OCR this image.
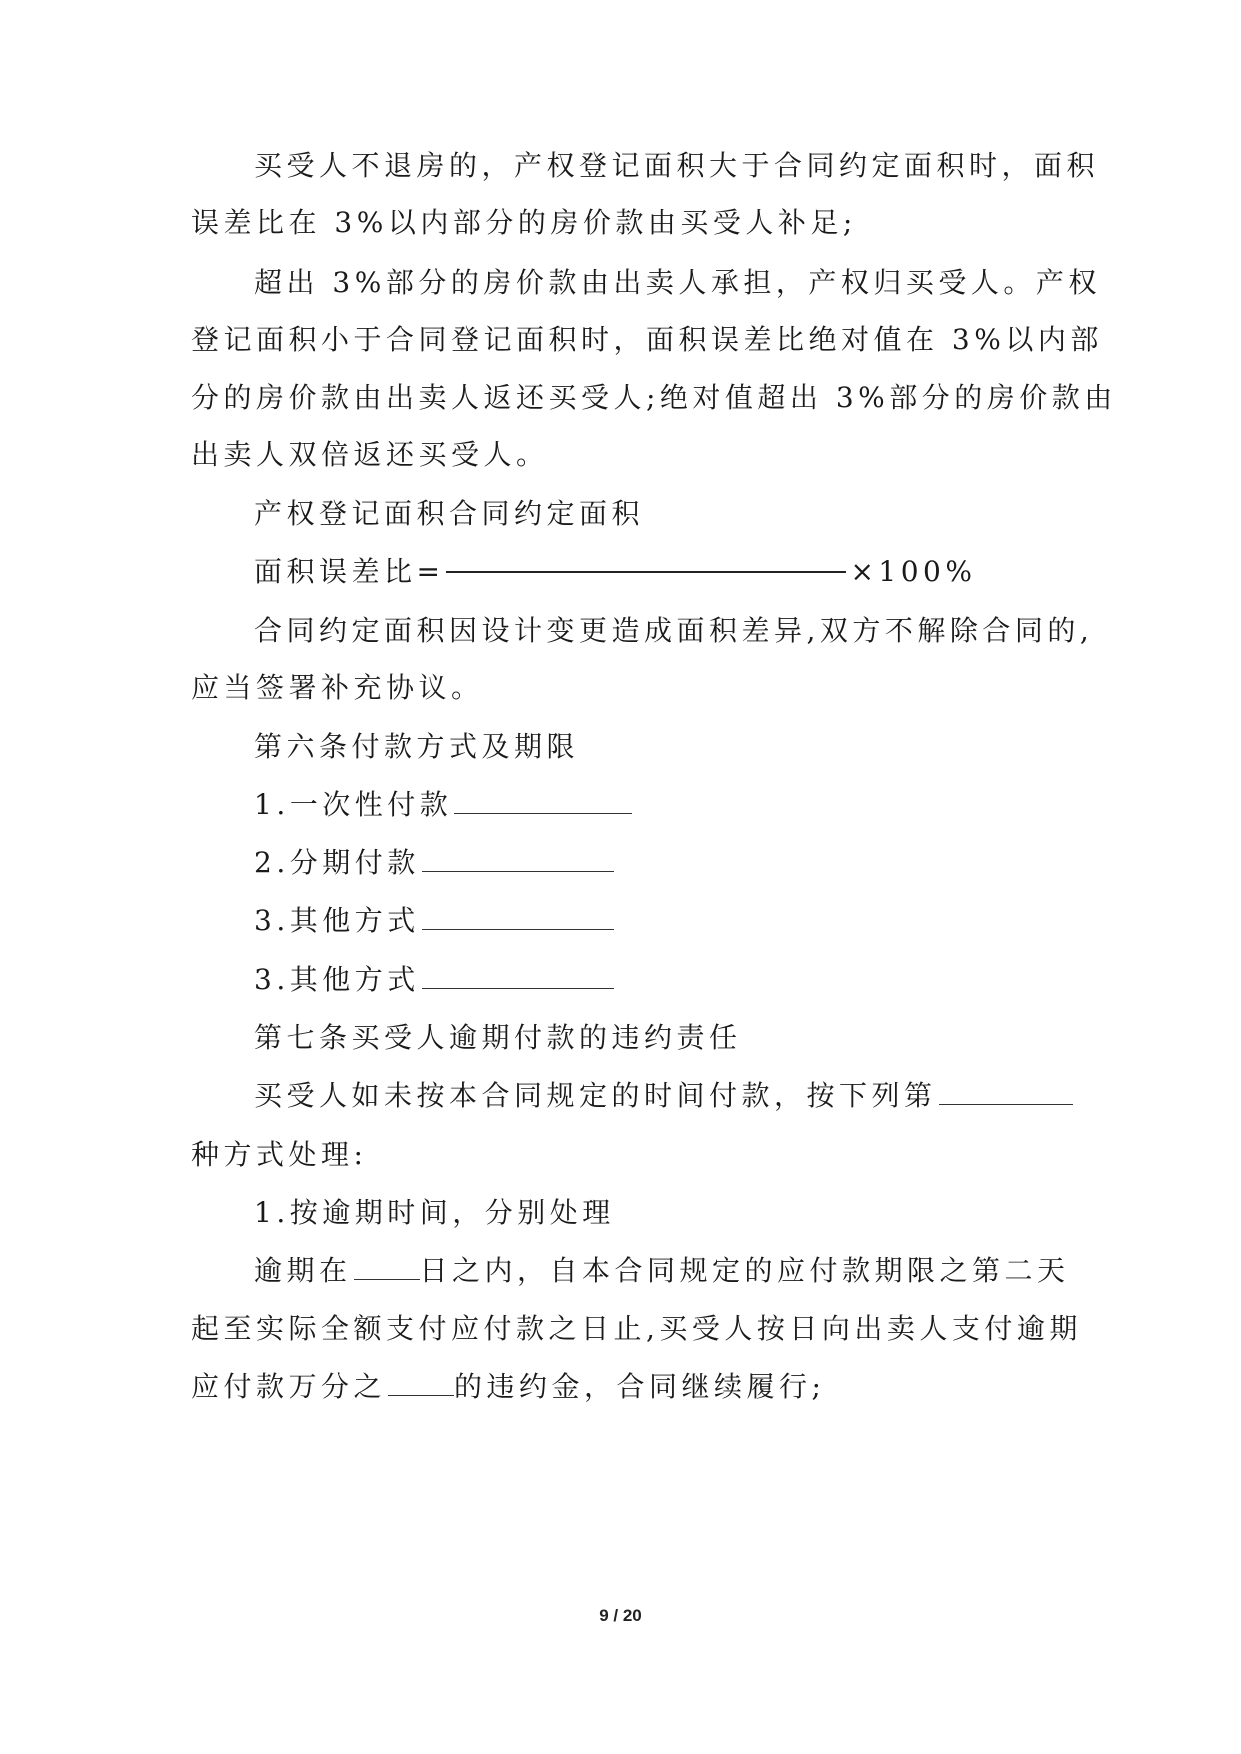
买受人不退房的，产权登记面积大于合同约定面积时，面积
误差比在 3%以内部分的房价款由买受人补足;
超出 3%部分的房价款由出卖人承担，产权归买受人。产权
登记面积小于合同登记面积时，面积误差比绝对值在 3%以内部
分的房价款由出卖人返还买受人;绝对值超出 3%部分的房价款由
出卖人双倍返还买受人。
产权登记面积合同约定面积
面积误差比=	×100%
合同约定面积因设计变更造成面积差异,双方不解除合同的,
应当签署补充协议。
第六条付款方式及期限
1.一次性付款
2.分期付款
3.其他方式
3.其他方式
第七条买受人逾期付款的违约责任
买受人如未按本合同规定的时间付款，按下列第
种方式处理:
1.按逾期时间，分别处理
逾期在 日之内，自本合同规定的应付款期限之第二天
起至实际全额支付应付款之日止,买受人按日向出卖人支付逾期
应付款万分之 的违约金，合同继续履行;
9 / 20
